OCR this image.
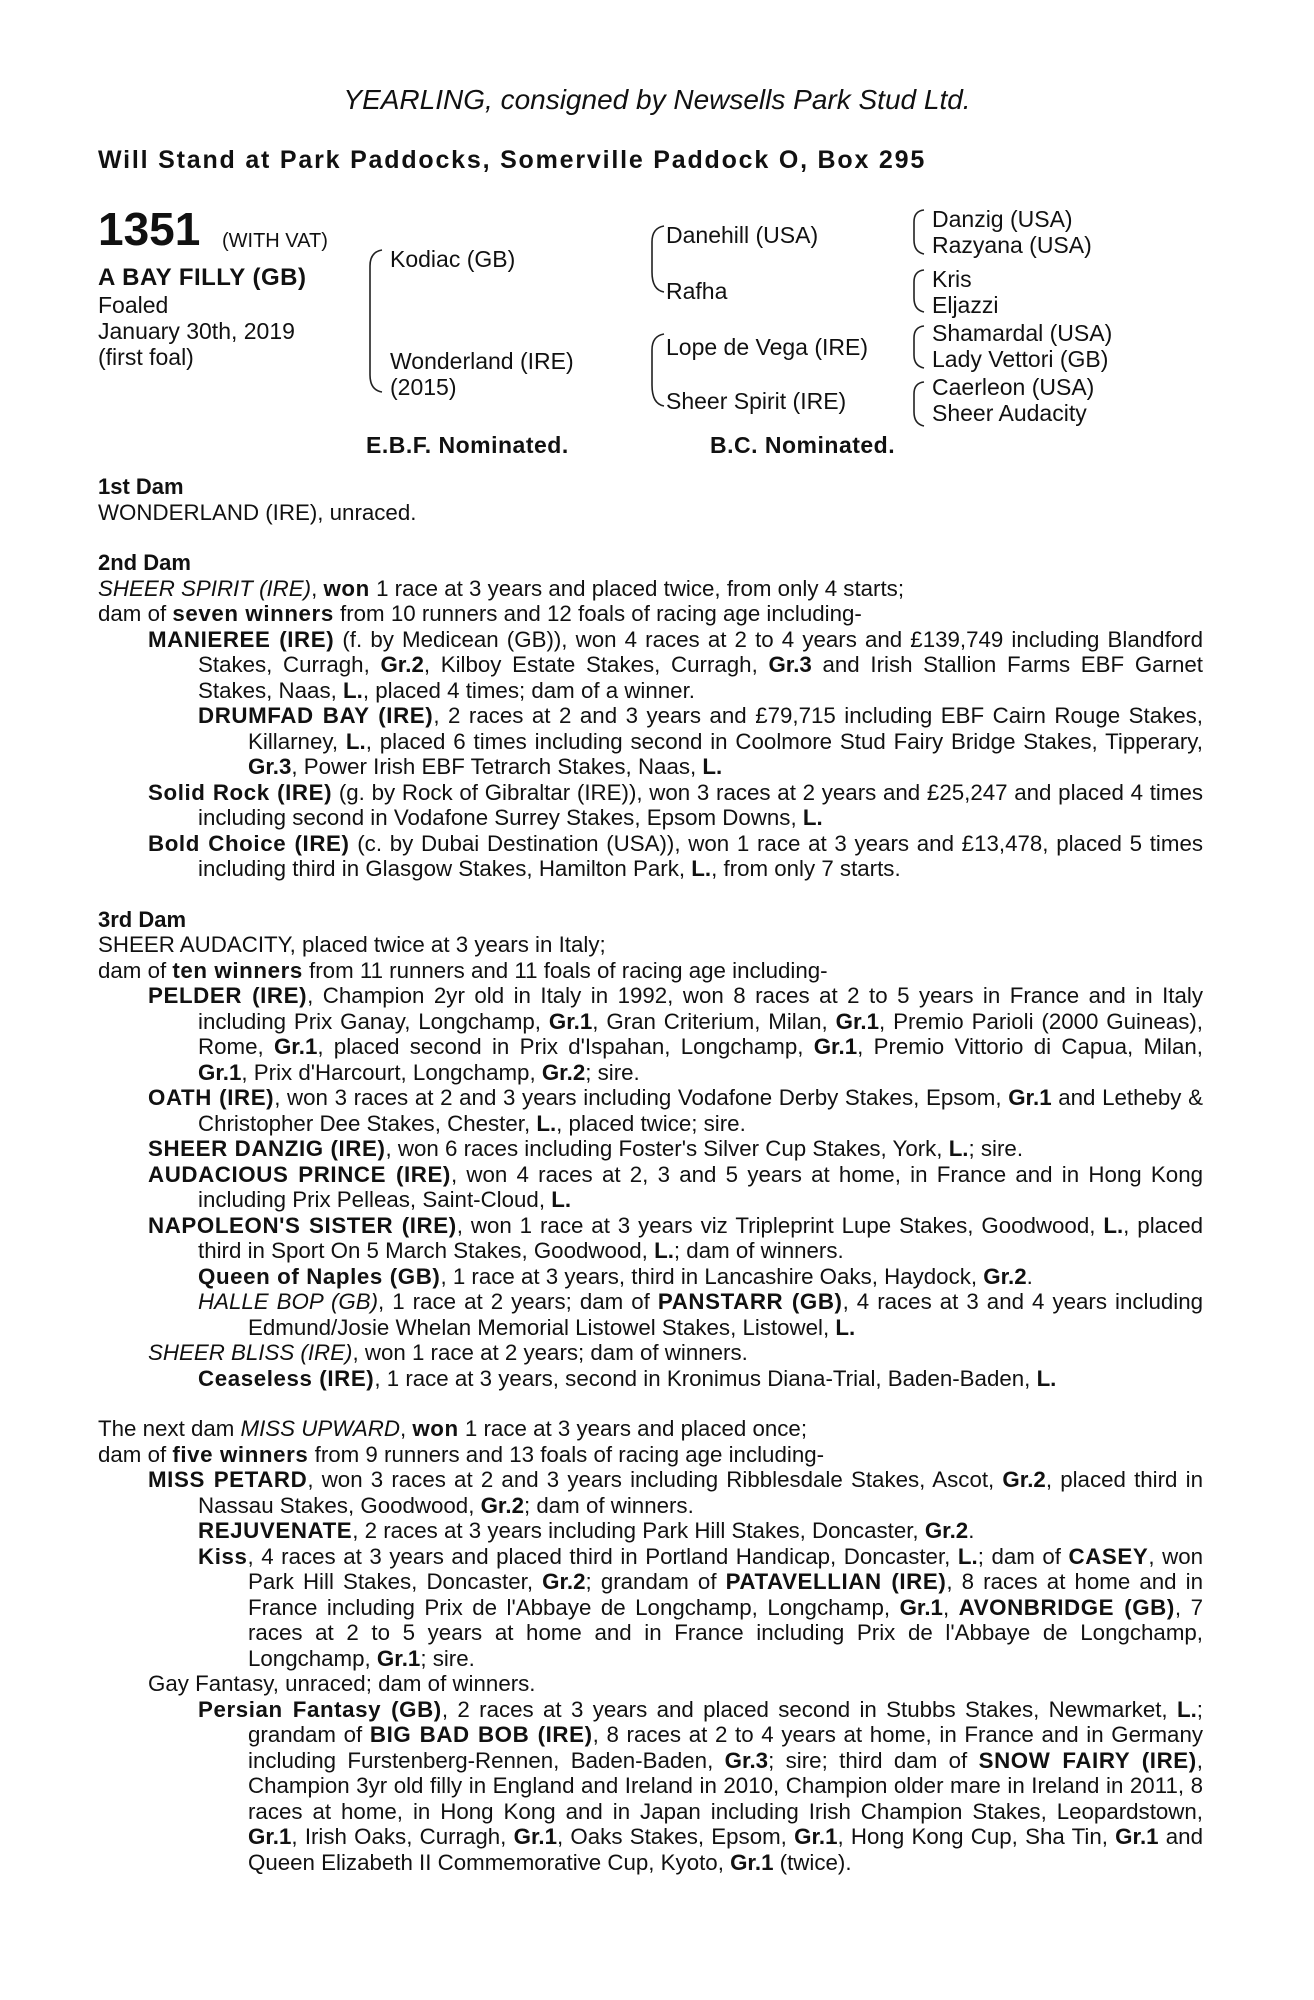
YEARLING, consigned by Newsells Park Stud Ltd.
Will Stand at Park Paddocks, Somerville Paddock O, Box 295
1351 (WITH VAT)
A BAY FILLY (GB)
Foaled
January 30th, 2019
(first foal)
Kodiac (GB)
Wonderland (IRE)
(2015)
Danehill (USA)
Rafha
Lope de Vega (IRE)
Sheer Spirit (IRE)
Danzig (USA)
Razyana (USA)
Kris
Eljazzi
Shamardal (USA)
Lady Vettori (GB)
Caerleon (USA)
Sheer Audacity
E.B.F. Nominated.	B.C. Nominated.
1st Dam
WONDERLAND (IRE), unraced.
2nd Dam
SHEER SPIRIT (IRE), won 1 race at 3 years and placed twice, from only 4 starts;
dam of seven winners from 10 runners and 12 foals of racing age including-
MANIEREE (IRE) (f. by Medicean (GB)), won 4 races at 2 to 4 years and £139,749 including Blandford Stakes, Curragh, Gr.2, Kilboy Estate Stakes, Curragh, Gr.3 and Irish Stallion Farms EBF Garnet Stakes, Naas, L., placed 4 times; dam of a winner.
DRUMFAD BAY (IRE), 2 races at 2 and 3 years and £79,715 including EBF Cairn Rouge Stakes, Killarney, L., placed 6 times including second in Coolmore Stud Fairy Bridge Stakes, Tipperary, Gr.3, Power Irish EBF Tetrarch Stakes, Naas, L.
Solid Rock (IRE) (g. by Rock of Gibraltar (IRE)), won 3 races at 2 years and £25,247 and placed 4 times including second in Vodafone Surrey Stakes, Epsom Downs, L.
Bold Choice (IRE) (c. by Dubai Destination (USA)), won 1 race at 3 years and £13,478, placed 5 times including third in Glasgow Stakes, Hamilton Park, L., from only 7 starts.
3rd Dam
SHEER AUDACITY, placed twice at 3 years in Italy;
dam of ten winners from 11 runners and 11 foals of racing age including-
PELDER (IRE), Champion 2yr old in Italy in 1992, won 8 races at 2 to 5 years in France and in Italy including Prix Ganay, Longchamp, Gr.1, Gran Criterium, Milan, Gr.1, Premio Parioli (2000 Guineas), Rome, Gr.1, placed second in Prix d'Ispahan, Longchamp, Gr.1, Premio Vittorio di Capua, Milan, Gr.1, Prix d'Harcourt, Longchamp, Gr.2; sire.
OATH (IRE), won 3 races at 2 and 3 years including Vodafone Derby Stakes, Epsom, Gr.1 and Letheby & Christopher Dee Stakes, Chester, L., placed twice; sire.
SHEER DANZIG (IRE), won 6 races including Foster's Silver Cup Stakes, York, L.; sire.
AUDACIOUS PRINCE (IRE), won 4 races at 2, 3 and 5 years at home, in France and in Hong Kong including Prix Pelleas, Saint-Cloud, L.
NAPOLEON'S SISTER (IRE), won 1 race at 3 years viz Tripleprint Lupe Stakes, Goodwood, L., placed third in Sport On 5 March Stakes, Goodwood, L.; dam of winners.
Queen of Naples (GB), 1 race at 3 years, third in Lancashire Oaks, Haydock, Gr.2.
HALLE BOP (GB), 1 race at 2 years; dam of PANSTARR (GB), 4 races at 3 and 4 years including Edmund/Josie Whelan Memorial Listowel Stakes, Listowel, L.
SHEER BLISS (IRE), won 1 race at 2 years; dam of winners.
Ceaseless (IRE), 1 race at 3 years, second in Kronimus Diana-Trial, Baden-Baden, L.
The next dam MISS UPWARD, won 1 race at 3 years and placed once;
dam of five winners from 9 runners and 13 foals of racing age including-
MISS PETARD, won 3 races at 2 and 3 years including Ribblesdale Stakes, Ascot, Gr.2, placed third in Nassau Stakes, Goodwood, Gr.2; dam of winners.
REJUVENATE, 2 races at 3 years including Park Hill Stakes, Doncaster, Gr.2.
Kiss, 4 races at 3 years and placed third in Portland Handicap, Doncaster, L.; dam of CASEY, won Park Hill Stakes, Doncaster, Gr.2; grandam of PATAVELLIAN (IRE), 8 races at home and in France including Prix de l'Abbaye de Longchamp, Longchamp, Gr.1, AVONBRIDGE (GB), 7 races at 2 to 5 years at home and in France including Prix de l'Abbaye de Longchamp, Longchamp, Gr.1; sire.
Gay Fantasy, unraced; dam of winners.
Persian Fantasy (GB), 2 races at 3 years and placed second in Stubbs Stakes, Newmarket, L.; grandam of BIG BAD BOB (IRE), 8 races at 2 to 4 years at home, in France and in Germany including Furstenberg-Rennen, Baden-Baden, Gr.3; sire; third dam of SNOW FAIRY (IRE), Champion 3yr old filly in England and Ireland in 2010, Champion older mare in Ireland in 2011, 8 races at home, in Hong Kong and in Japan including Irish Champion Stakes, Leopardstown, Gr.1, Irish Oaks, Curragh, Gr.1, Oaks Stakes, Epsom, Gr.1, Hong Kong Cup, Sha Tin, Gr.1 and Queen Elizabeth II Commemorative Cup, Kyoto, Gr.1 (twice).
